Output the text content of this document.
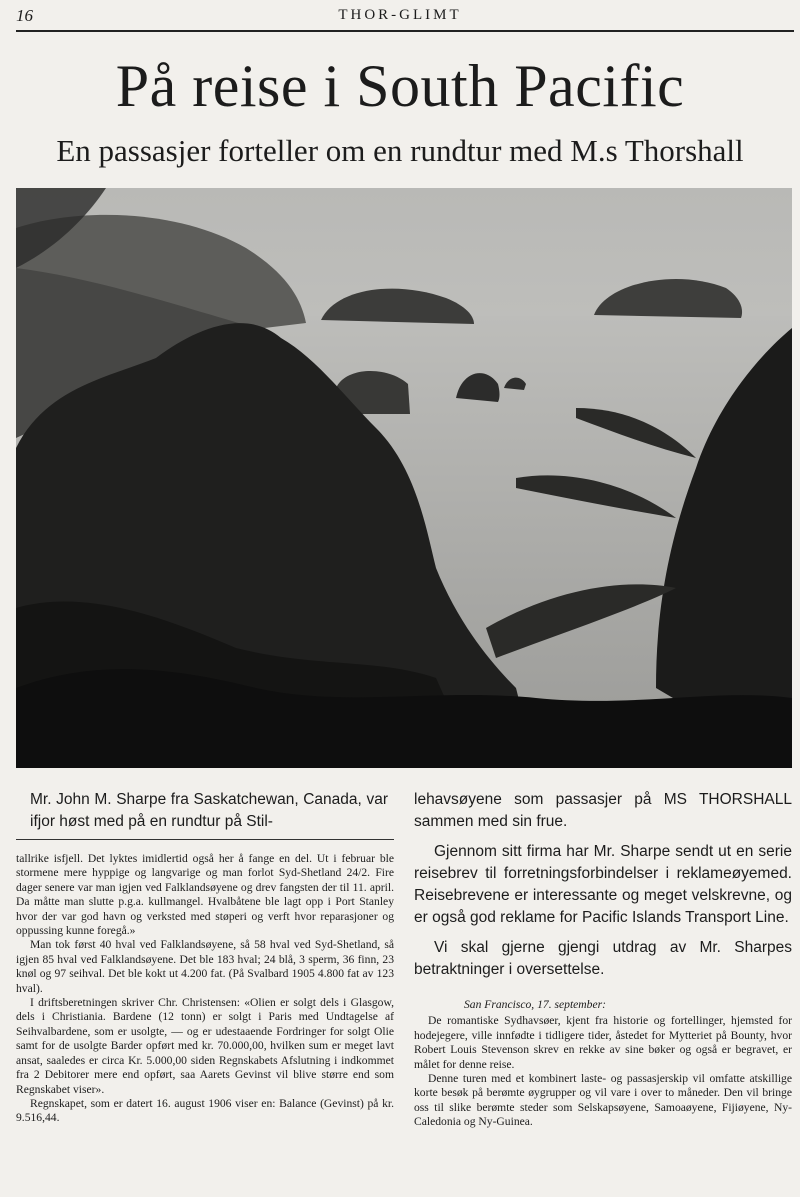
16	THOR-GLIMT
På reise i South Pacific
En passasjer forteller om en rundtur med M.s Thorshall
Mr. John M. Sharpe fra Saskatchewan, Canada, var ifjor høst med på en rundtur på Stil-

lehavsøyene som passasjer på MS THORSHALL sammen med sin frue.

Gjennom sitt firma har Mr. Sharpe sendt ut en serie reisebrev til forretningsforbindelser i reklameøyemed. Reisebrevene er interessante og meget velskrevne, og er også god reklame for Pacific Islands Transport Line.

Vi skal gjerne gjengi utdrag av Mr. Sharpes betraktninger i oversettelse.

tallrike isfjell. Det lyktes imidlertid også her å fange en del. Ut i februar ble stormene mere hyppige og langvarige og man forlot Syd-Shetland 24/2. Fire dager senere var man igjen ved Falklandsøyene og drev fangsten der til 11. april. Da måtte man slutte p.g.a. kullmangel. Hvalbåtene ble lagt opp i Port Stanley hvor der var god havn og verksted med støperi og verft hvor reparasjoner og oppussing kunne foregå.»

Man tok først 40 hval ved Falklandsøyene, så 58 hval ved Syd-Shetland, så igjen 85 hval ved Falklandsøyene. Det ble 183 hval; 24 blå, 3 sperm, 36 finn, 23 knøl og 97 seihval. Det ble kokt ut 4.200 fat. (På Svalbard 1905 4.800 fat av 123 hval).

I driftsberetningen skriver Chr. Christensen: «Olien er solgt dels i Glasgow, dels i Christiania. Bardene (12 tonn) er solgt i Paris med Undtagelse af Seihvalbardene, som er usolgte, — og er udestaaende Fordringer for solgt Olie samt for de usolgte Barder opført med kr. 70.000,00, hvilken sum er meget lavt ansat, saaledes er circa Kr. 5.000,00 siden Regnskabets Afslutning i indkommet fra 2 Debitorer mere end opført, saa Aarets Gevinst vil blive større end som Regnskabet viser».

Regnskapet, som er datert 16. august 1906 viser en: Balance (Gevinst) på kr. 9.516,44.

San Francisco, 17. september:

De romantiske Sydhavsøer, kjent fra historie og fortellinger, hjemsted for hodejegere, ville innfødte i tidligere tider, åstedet for Mytteriet på Bounty, hvor Robert Louis Stevenson skrev en rekke av sine bøker og også er begravet, er målet for denne reise.

Denne turen med et kombinert laste- og passasjerskip vil omfatte atskillige korte besøk på berømte øygrupper og vil vare i over to måneder. Den vil bringe oss til slike berømte steder som Selskapsøyene, Samoaøyene, Fijiøyene, Ny-Caledonia og Ny-Guinea.
